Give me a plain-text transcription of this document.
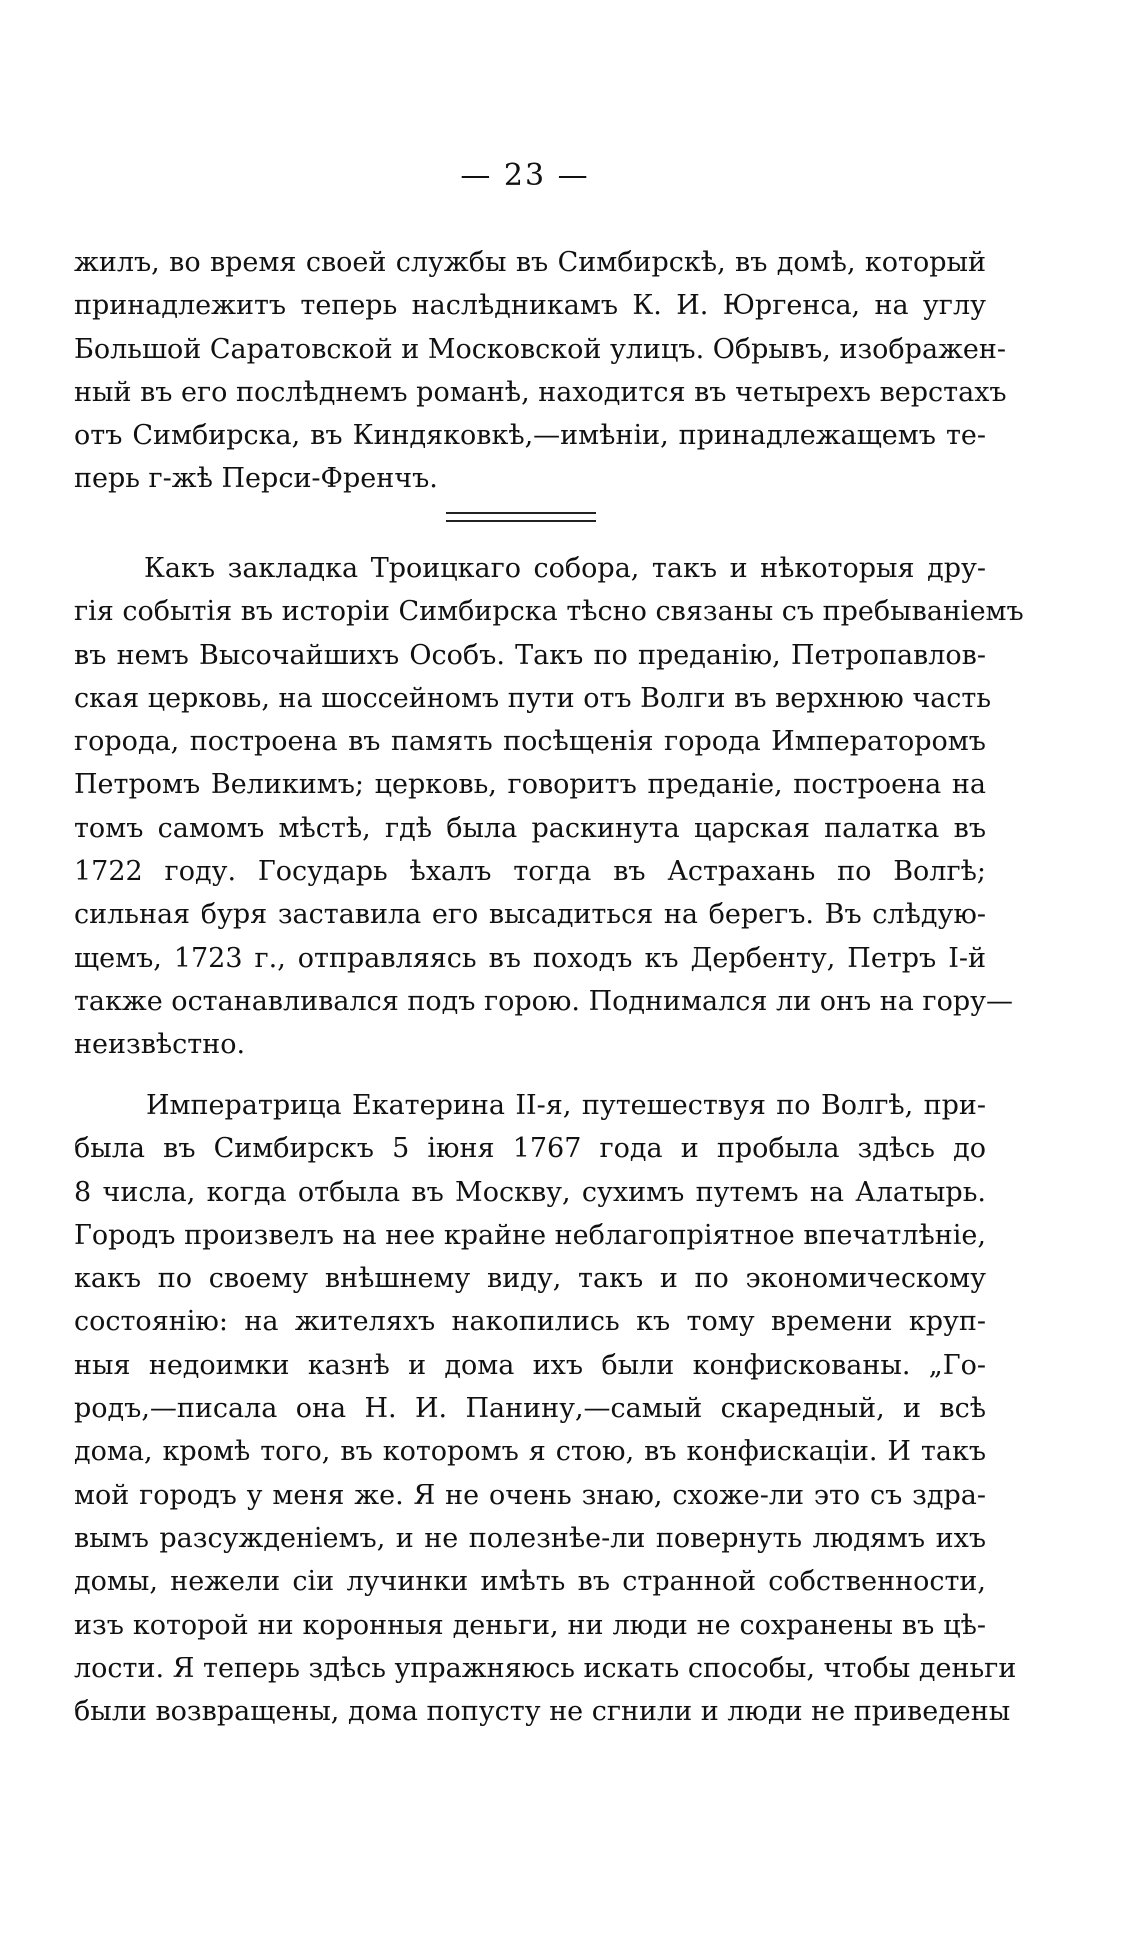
— 23 —
жилъ, во время своей службы въ Симбирскѣ, въ домѣ, который
принадлежитъ теперь наслѣдникамъ К. И. Юргенса, на углу
Большой Саратовской и Московской улицъ. Обрывъ, изображен-
ный въ его послѣднемъ романѣ, находится въ четырехъ верстахъ
отъ Симбирска, въ Киндяковкѣ,—имѣніи, принадлежащемъ те-
перь г-жѣ Перси-Френчъ.
Какъ закладка Троицкаго собора, такъ и нѣкоторыя дру-
гія событія въ исторіи Симбирска тѣсно связаны съ пребываніемъ
въ немъ Высочайшихъ Особъ. Такъ по преданію, Петропавлов-
ская церковь, на шоссейномъ пути отъ Волги въ верхнюю часть
города, построена въ память посѣщенія города Императоромъ
Петромъ Великимъ; церковь, говоритъ преданіе, построена на
томъ самомъ мѣстѣ, гдѣ была раскинута царская палатка въ
1722 году. Государь ѣхалъ тогда въ Астрахань по Волгѣ;
сильная буря заставила его высадиться на берегъ. Въ слѣдую-
щемъ, 1723 г., отправляясь въ походъ къ Дербенту, Петръ I-й
также останавливался подъ горою. Поднимался ли онъ на гору—
неизвѣстно.
Императрица Екатерина II-я, путешествуя по Волгѣ, при-
была въ Симбирскъ 5 іюня 1767 года и пробыла здѣсь до
8 числа, когда отбыла въ Москву, сухимъ путемъ на Алатырь.
Городъ произвелъ на нее крайне неблагопріятное впечатлѣніе,
какъ по своему внѣшнему виду, такъ и по экономическому
состоянію: на жителяхъ накопились къ тому времени круп-
ныя недоимки казнѣ и дома ихъ были конфискованы. „Го-
родъ,—писала она Н. И. Панину,—самый скаредный, и всѣ
дома, кромѣ того, въ которомъ я стою, въ конфискаціи. И такъ
мой городъ у меня же. Я не очень знаю, схоже-ли это съ здра-
вымъ разсужденіемъ, и не полезнѣе-ли повернуть людямъ ихъ
домы, нежели сіи лучинки имѣть въ странной собственности,
изъ которой ни коронныя деньги, ни люди не сохранены въ цѣ-
лости. Я теперь здѣсь упражняюсь искать способы, чтобы деньги
были возвращены, дома попусту не сгнили и люди не приведены
